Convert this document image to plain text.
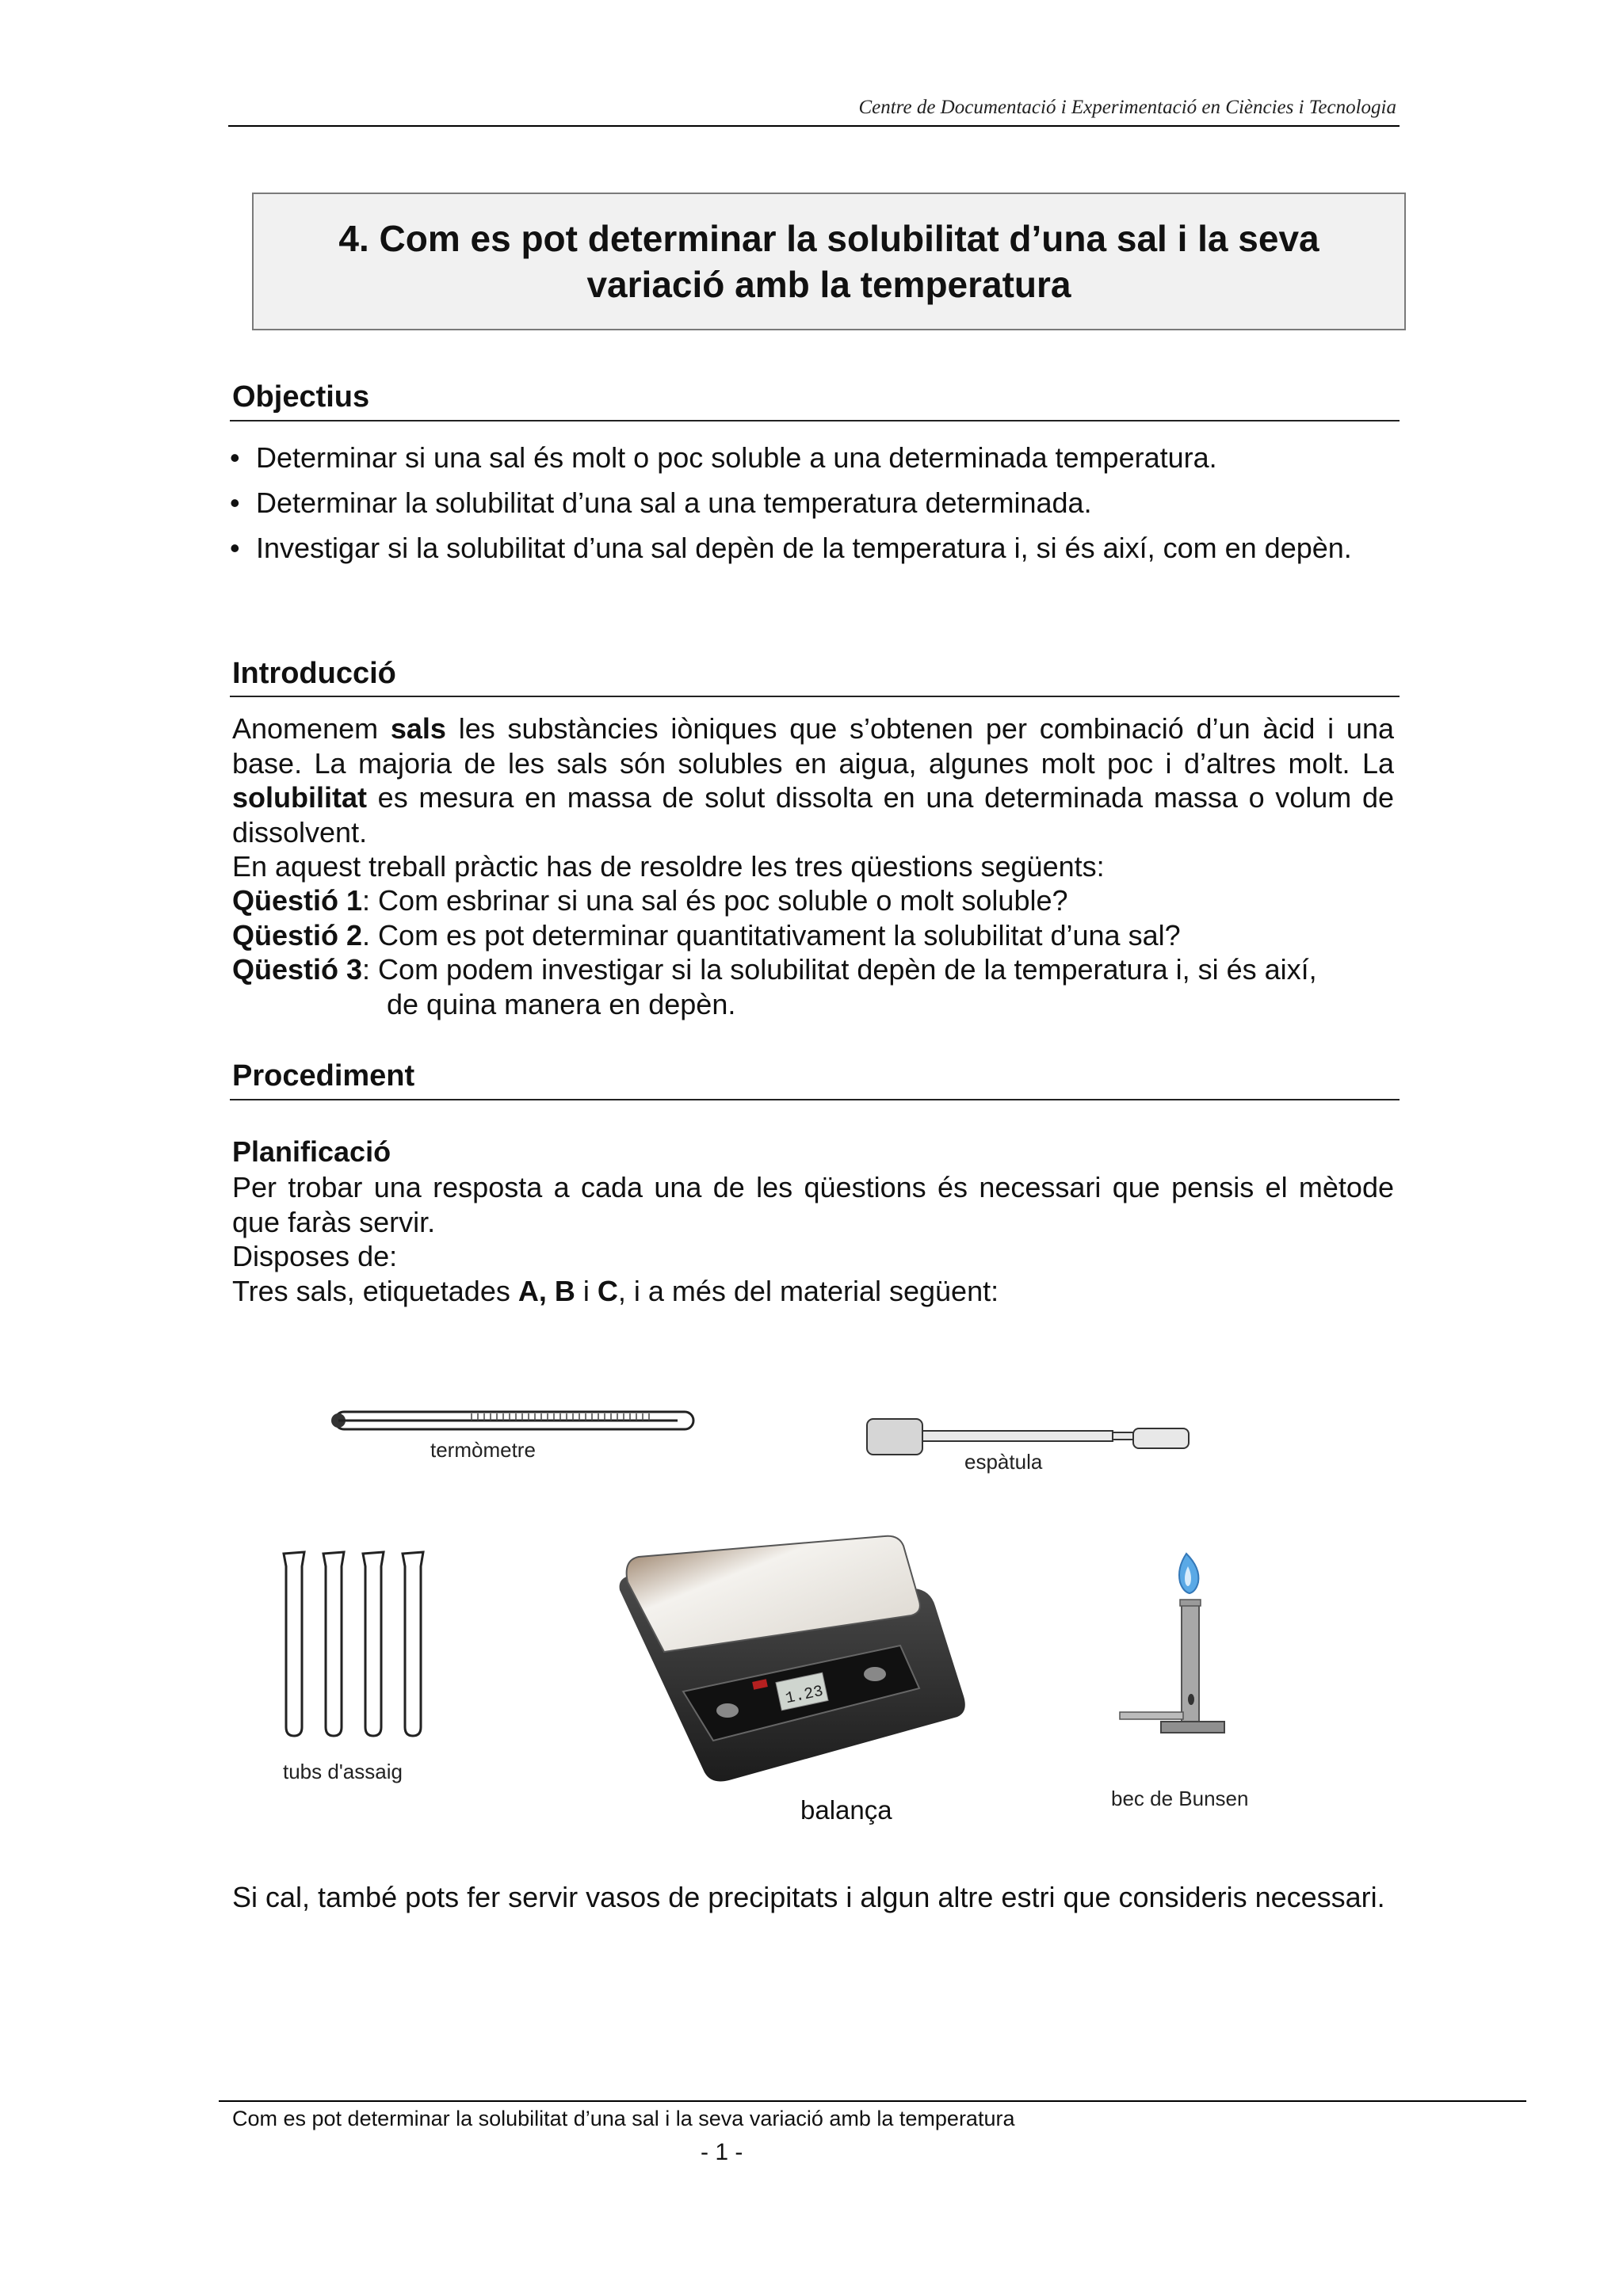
Centre de Documentació i Experimentació en Ciències i Tecnologia
4. Com es pot determinar la solubilitat d’una sal i la seva
variació amb la temperatura
Objectius
• Determinar si una sal és molt o poc soluble a una determinada temperatura.
• Determinar la solubilitat d’una sal a una temperatura determinada.
• Investigar si la solubilitat d’una sal depèn de la temperatura i, si és així, com en depèn.
Introducció
Anomenem sals les substàncies iòniques que s’obtenen per combinació d’un àcid i una base. La majoria de les sals són solubles en aigua, algunes molt poc i d’altres molt. La solubilitat es mesura en massa de solut dissolta en una determinada massa o volum de dissolvent.
En aquest treball pràctic has de resoldre les tres qüestions següents:
Qüestió 1: Com esbrinar si una sal és poc soluble o molt soluble?
Qüestió 2. Com es pot determinar quantitativament la solubilitat d’una sal?
Qüestió 3: Com podem investigar si la solubilitat depèn de la temperatura i, si és així,
de quina manera en depèn.
Procediment
Planificació
Per trobar una resposta a cada una de les qüestions és necessari que pensis el mètode que faràs servir.
Disposes de:
Tres sals, etiquetades A, B i C, i a més del material següent:
termòmetre	espàtula
tubs d'assaig
1.23
balança	bec de Bunsen
Si cal, també pots fer servir vasos de precipitats i algun altre estri que consideris necessari.
Com es pot determinar la solubilitat d’una sal i la seva variació amb la temperatura
- 1 -
